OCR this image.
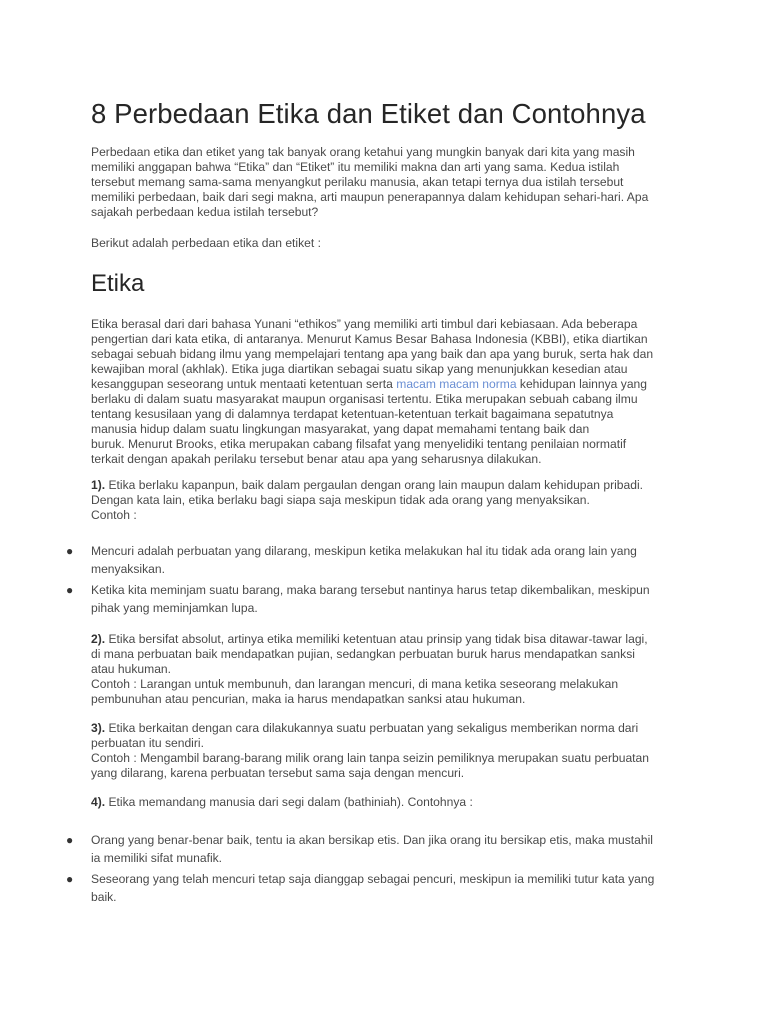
8 Perbedaan Etika dan Etiket dan Contohnya

Perbedaan etika dan etiket yang tak banyak orang ketahui yang mungkin banyak dari kita yang masih
memiliki anggapan bahwa “Etika” dan “Etiket” itu memiliki makna dan arti yang sama. Kedua istilah
tersebut memang sama-sama menyangkut perilaku manusia, akan tetapi ternya dua istilah tersebut
memiliki perbedaan, baik dari segi makna, arti maupun penerapannya dalam kehidupan sehari-hari. Apa
sajakah perbedaan kedua istilah tersebut?

Berikut adalah perbedaan etika dan etiket :

Etika

Etika berasal dari dari bahasa Yunani “ethikos” yang memiliki arti timbul dari kebiasaan. Ada beberapa
pengertian dari kata etika, di antaranya. Menurut Kamus Besar Bahasa Indonesia (KBBI), etika diartikan
sebagai sebuah bidang ilmu yang mempelajari tentang apa yang baik dan apa yang buruk, serta hak dan
kewajiban moral (akhlak). Etika juga diartikan sebagai suatu sikap yang menunjukkan kesedian atau
kesanggupan seseorang untuk mentaati ketentuan serta macam macam norma kehidupan lainnya yang
berlaku di dalam suatu masyarakat maupun organisasi tertentu. Etika merupakan sebuah cabang ilmu
tentang kesusilaan yang di dalamnya terdapat ketentuan-ketentuan terkait bagaimana sepatutnya
manusia hidup dalam suatu lingkungan masyarakat, yang dapat memahami tentang baik dan
buruk. Menurut Brooks, etika merupakan cabang filsafat yang menyelidiki tentang penilaian normatif
terkait dengan apakah perilaku tersebut benar atau apa yang seharusnya dilakukan.

1). Etika berlaku kapanpun, baik dalam pergaulan dengan orang lain maupun dalam kehidupan pribadi.
Dengan kata lain, etika berlaku bagi siapa saja meskipun tidak ada orang yang menyaksikan.
Contoh :

● Mencuri adalah perbuatan yang dilarang, meskipun ketika melakukan hal itu tidak ada orang lain yang
menyaksikan.
● Ketika kita meminjam suatu barang, maka barang tersebut nantinya harus tetap dikembalikan, meskipun
pihak yang meminjamkan lupa.

2). Etika bersifat absolut, artinya etika memiliki ketentuan atau prinsip yang tidak bisa ditawar-tawar lagi,
di mana perbuatan baik mendapatkan pujian, sedangkan perbuatan buruk harus mendapatkan sanksi
atau hukuman.
Contoh : Larangan untuk membunuh, dan larangan mencuri, di mana ketika seseorang melakukan
pembunuhan atau pencurian, maka ia harus mendapatkan sanksi atau hukuman.

3). Etika berkaitan dengan cara dilakukannya suatu perbuatan yang sekaligus memberikan norma dari
perbuatan itu sendiri.
Contoh : Mengambil barang-barang milik orang lain tanpa seizin pemiliknya merupakan suatu perbuatan
yang dilarang, karena perbuatan tersebut sama saja dengan mencuri.

4). Etika memandang manusia dari segi dalam (bathiniah). Contohnya :

● Orang yang benar-benar baik, tentu ia akan bersikap etis. Dan jika orang itu bersikap etis, maka mustahil
ia memiliki sifat munafik.
● Seseorang yang telah mencuri tetap saja dianggap sebagai pencuri, meskipun ia memiliki tutur kata yang
baik.
